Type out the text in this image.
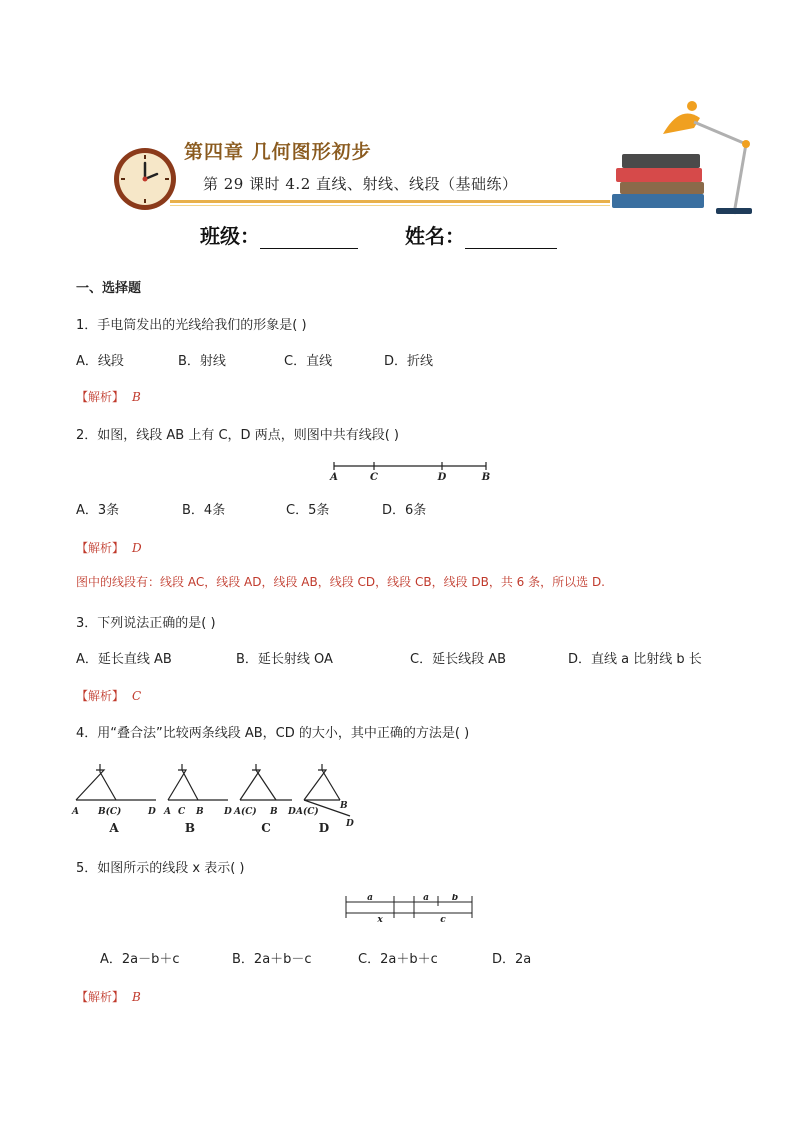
第四章 几何图形初步
第 29 课时 4.2 直线、射线、线段（基础练）
班级：	姓名：
一、选择题
1．手电筒发出的光线给我们的形象是( )
A．线段	B．射线	C．直线	D．折线
【解析】 B
2．如图，线段 AB 上有 C，D 两点，则图中共有线段( )
A	C	D	B
A．3条	B．4条	C．5条	D．6条
【解析】 D
图中的线段有：线段 AC，线段 AD，线段 AB，线段 CD，线段 CB，线段 DB，共 6 条，所以选 D.
3．下列说法正确的是( )
A．延长直线 AB	B．延长射线 OA	C．延长线段 AB	D．直线 a 比射线 b 长
【解析】 C
4．用“叠合法”比较两条线段 AB，CD 的大小，其中正确的方法是( )
A B(C)	D A C B D A(C) B D A(C)
B
D
A	B	C	D
5．如图所示的线段 x 表示( )
a	a	b
x	c
A．2a－b＋c	B．2a＋b－c	C．2a＋b＋c	D．2a
【解析】 B
